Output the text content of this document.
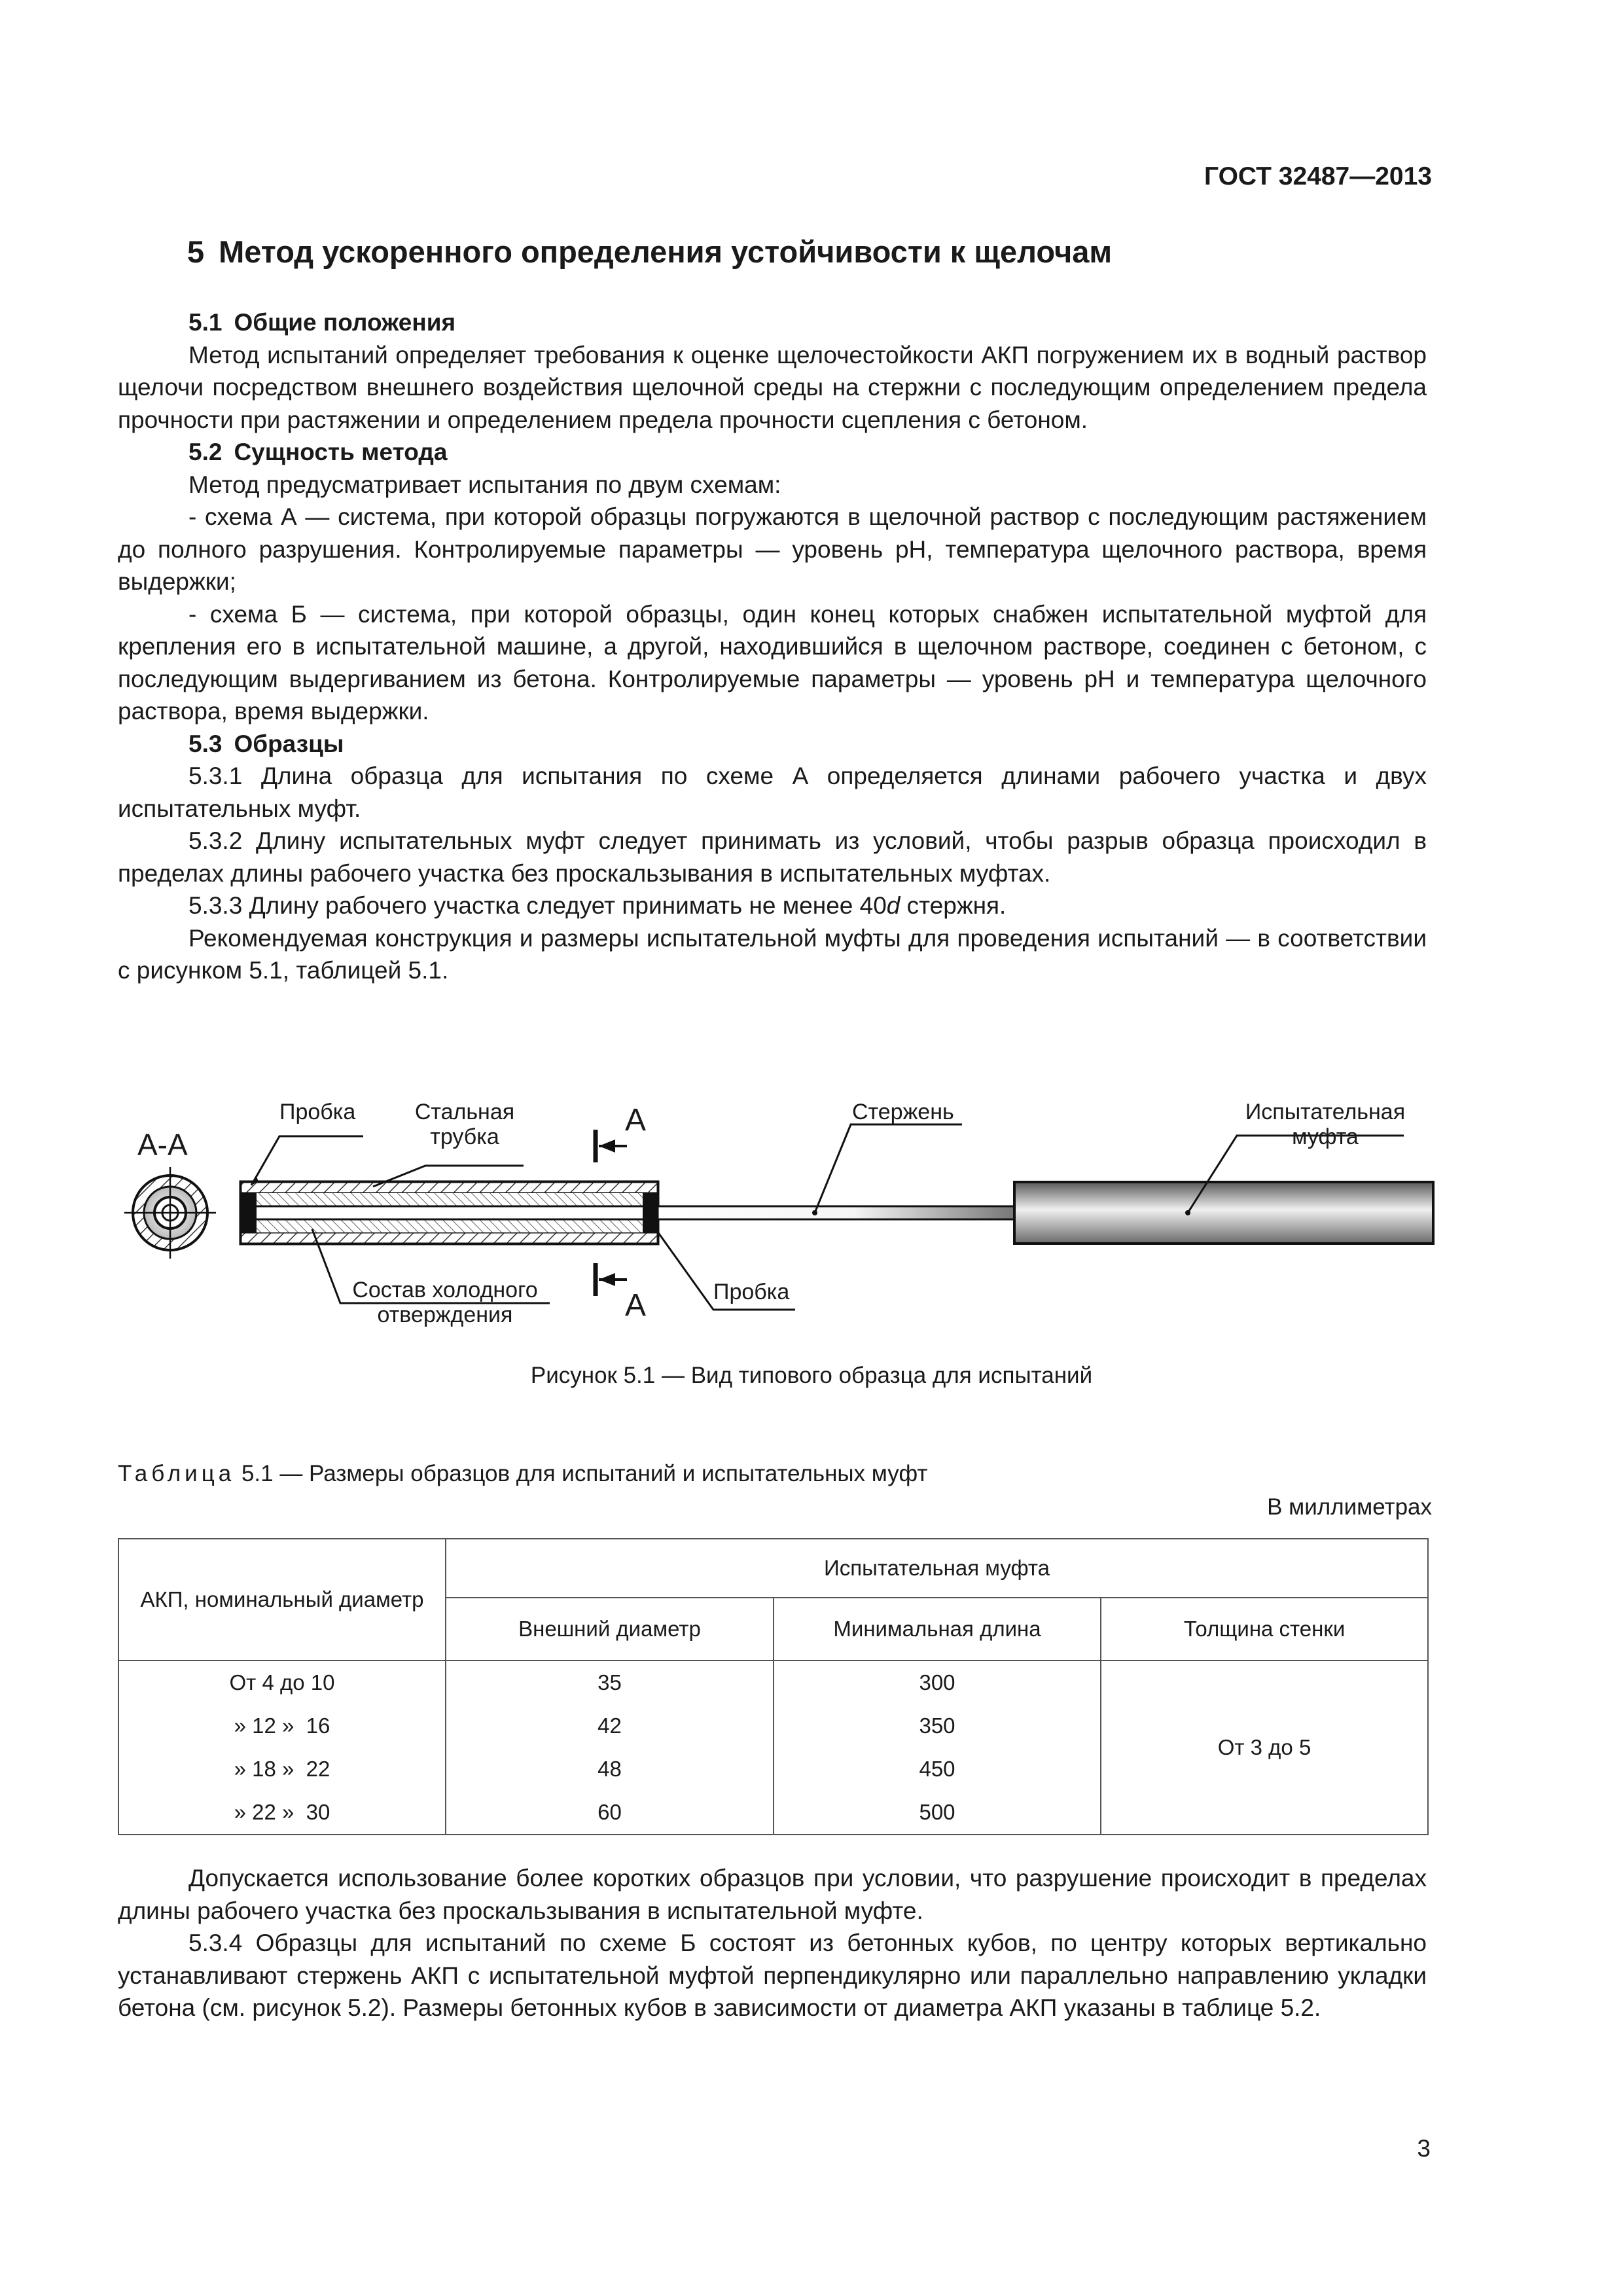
ГОСТ 32487—2013
5 Метод ускоренного определения устойчивости к щелочам

5.1 Общие положения

Метод испытаний определяет требования к оценке щелочестойкости АКП погружением их в водный раствор щелочи посредством внешнего воздействия щелочной среды на стержни с последующим определением предела прочности при растяжении и определением предела прочности сцепления с бетоном.

5.2 Сущность метода

Метод предусматривает испытания по двум схемам:

- схема А — система, при которой образцы погружаются в щелочной раствор с последующим растяжением до полного разрушения. Контролируемые параметры — уровень pH, температура щелочного раствора, время выдержки;

- схема Б — система, при которой образцы, один конец которых снабжен испытательной муфтой для крепления его в испытательной машине, а другой, находившийся в щелочном растворе, соединен с бетоном, с последующим выдергиванием из бетона. Контролируемые параметры — уровень pH и температура щелочного раствора, время выдержки.

5.3 Образцы

5.3.1 Длина образца для испытания по схеме А определяется длинами рабочего участка и двух испытательных муфт.

5.3.2 Длину испытательных муфт следует принимать из условий, чтобы разрыв образца происходил в пределах длины рабочего участка без проскальзывания в испытательных муфтах.

5.3.3 Длину рабочего участка следует принимать не менее 40d стержня.

Рекомендуемая конструкция и размеры испытательной муфты для проведения испытаний — в соответствии с рисунком 5.1, таблицей 5.1.

А-А
Пробка	Стальная
трубка	А	Стержень	Испытательная
муфта
Состав холодного
отверждения	А	Пробка
Рисунок 5.1 — Вид типового образца для испытаний
Таблица 5.1 — Размеры образцов для испытаний и испытательных муфт
В миллиметрах
АКП, номинальный диаметр	Испытательная муфта		
	Внешний диаметр	Минимальная длина	Толщина стенки
От 4 до 10	35	300	От 3 до 5
» 12 »  16	42	350	
» 18 »  22	48	450	
» 22 »  30	60	500	

Допускается использование более коротких образцов при условии, что разрушение происходит в пределах длины рабочего участка без проскальзывания в испытательной муфте.

5.3.4 Образцы для испытаний по схеме Б состоят из бетонных кубов, по центру которых вертикально устанавливают стержень АКП с испытательной муфтой перпендикулярно или параллельно направлению укладки бетона (см. рисунок 5.2). Размеры бетонных кубов в зависимости от диаметра АКП указаны в таблице 5.2.

3
